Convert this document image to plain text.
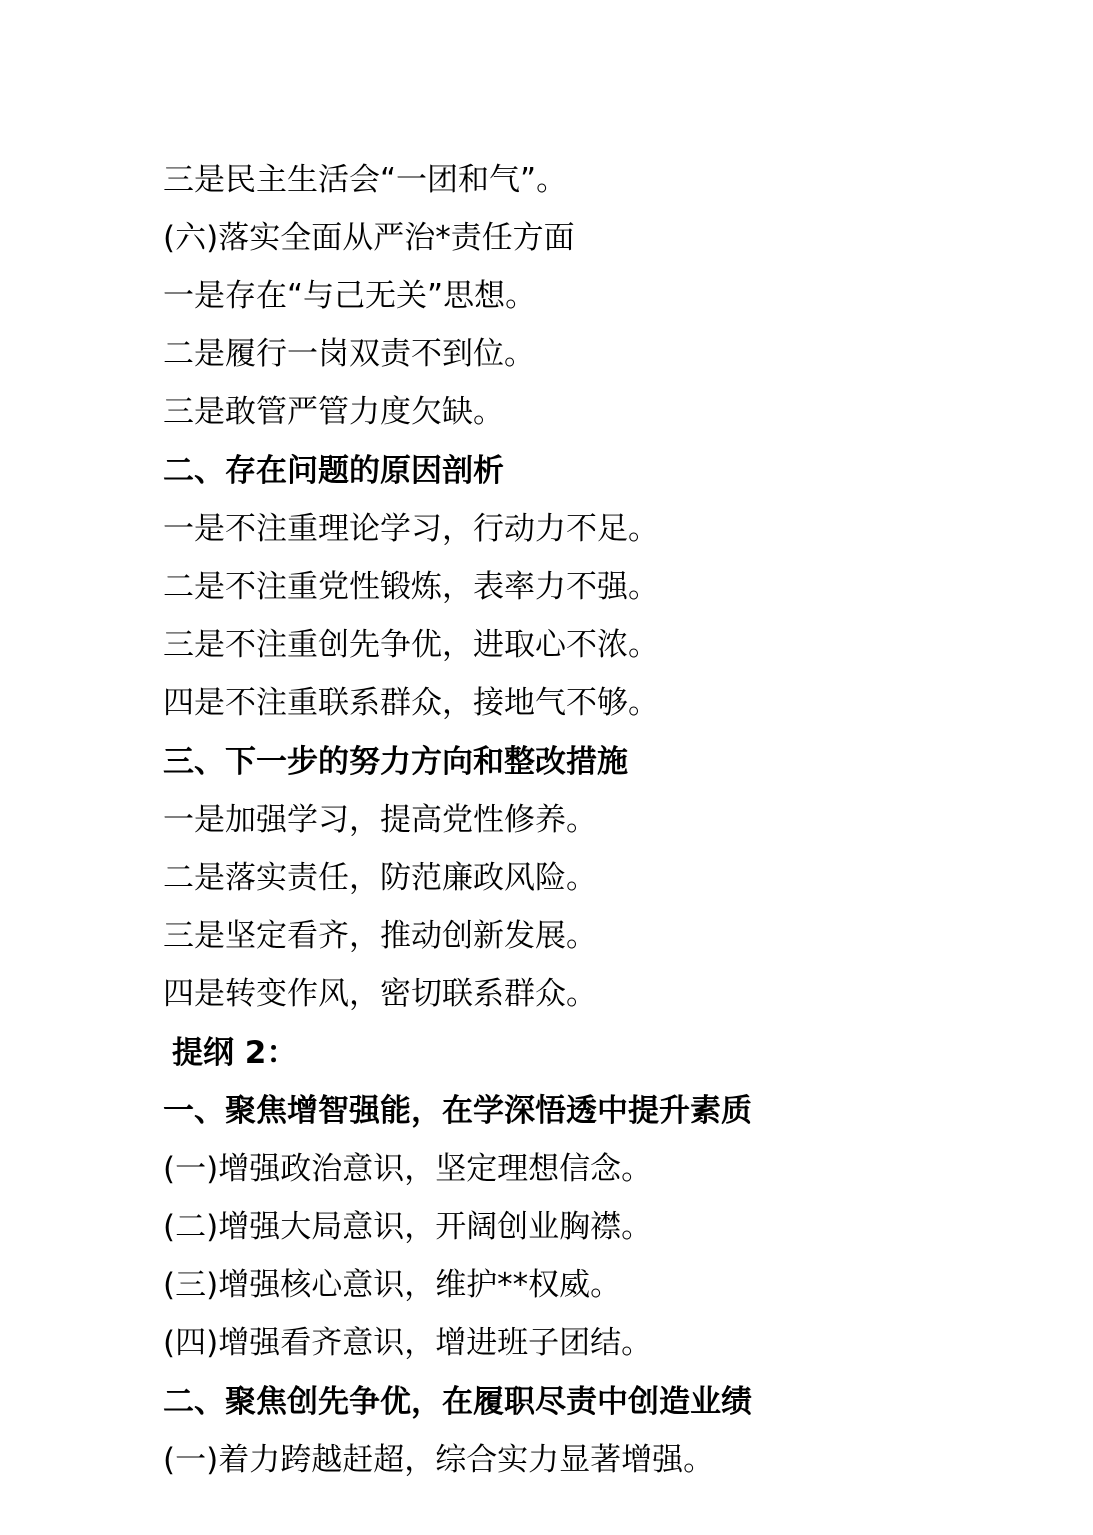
三是民主生活会“一团和气”。
(六)落实全面从严治*责任方面
一是存在“与己无关”思想。
二是履行一岗双责不到位。
三是敢管严管力度欠缺。
二、存在问题的原因剖析
一是不注重理论学习，行动力不足。
二是不注重党性锻炼，表率力不强。
三是不注重创先争优，进取心不浓。
四是不注重联系群众，接地气不够。
三、下一步的努力方向和整改措施
一是加强学习，提高党性修养。
二是落实责任，防范廉政风险。
三是坚定看齐，推动创新发展。
四是转变作风，密切联系群众。
提纲 2：
一、聚焦增智强能，在学深悟透中提升素质
(一)增强政治意识，坚定理想信念。
(二)增强大局意识，开阔创业胸襟。
(三)增强核心意识，维护**权威。
(四)增强看齐意识，增进班子团结。
二、聚焦创先争优，在履职尽责中创造业绩
(一)着力跨越赶超，综合实力显著增强。
